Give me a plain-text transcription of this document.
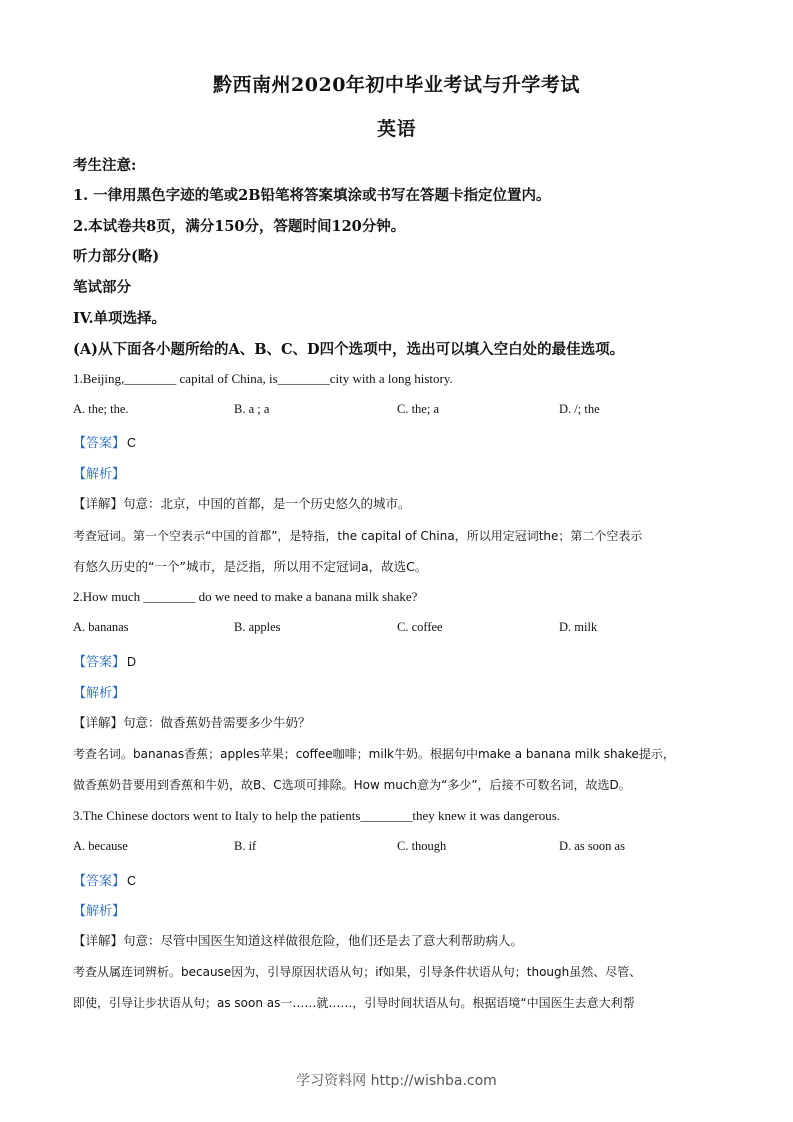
黔西南州2020年初中毕业考试与升学考试
英语
考生注意:
1. 一律用黑色字迹的笔或2B铅笔将答案填涂或书写在答题卡指定位置内。
2.本试卷共8页，满分150分，答题时间120分钟。
听力部分(略)
笔试部分
IV.单项选择。
(A)从下面各小题所给的A、B、C、D四个选项中，选出可以填入空白处的最佳选项。
1.Beijing,________ capital of China, is________city with a long history.
A. the; the.	B. a ; a	C. the; a	D. /; the
【答案】 C
【解析】
【详解】句意：北京，中国的首都，是一个历史悠久的城市。
考查冠词。第一个空表示“中国的首都”，是特指，the capital of China，所以用定冠词the；第二个空表示
有悠久历史的“一个”城市，是泛指，所以用不定冠词a，故选C。
2.How much ________ do we need to make a banana milk shake?
A. bananas	B. apples	C. coffee	D. milk
【答案】 D
【解析】
【详解】句意：做香蕉奶昔需要多少牛奶？
考查名词。bananas香蕉；apples苹果；coffee咖啡；milk牛奶。根据句中make a banana milk shake提示，
做香蕉奶昔要用到香蕉和牛奶，故B、C选项可排除。How much意为“多少”，后接不可数名词，故选D。
3.The Chinese doctors went to Italy to help the patients________they knew it was dangerous.
A. because	B. if	C. though	D. as soon as
【答案】 C
【解析】
【详解】句意：尽管中国医生知道这样做很危险，他们还是去了意大利帮助病人。
考查从属连词辨析。because因为，引导原因状语从句；if如果，引导条件状语从句；though虽然、尽管、
即使，引导让步状语从句；as soon as一……就……，引导时间状语从句。根据语境“中国医生去意大利帮
学习资料网 http://wishba.com
